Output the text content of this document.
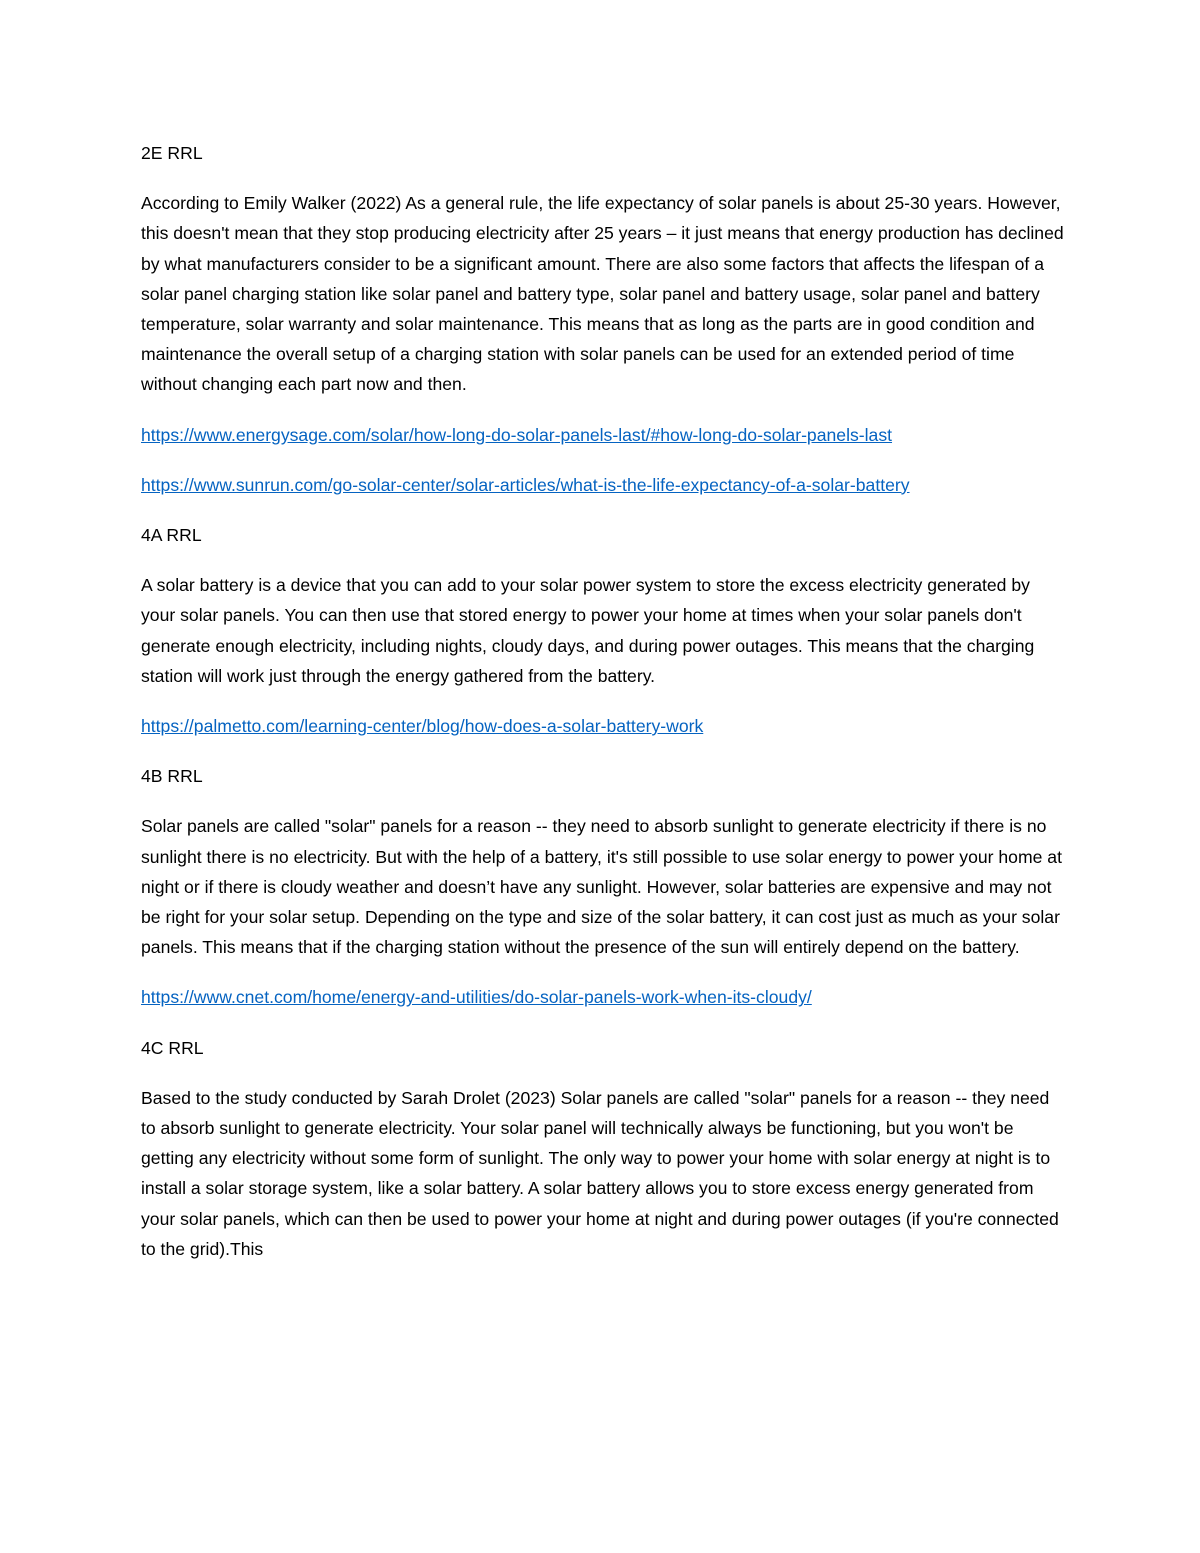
2E RRL
According to Emily Walker (2022) As a general rule, the life expectancy of solar panels is about 25-30 years. However, this doesn't mean that they stop producing electricity after 25 years – it just means that energy production has declined by what manufacturers consider to be a significant amount. There are also some factors that affects the lifespan of a solar panel charging station like solar panel and battery type, solar panel and battery usage, solar panel and battery temperature, solar warranty and solar maintenance. This means that as long as the parts are in good condition and maintenance the overall setup of a charging station with solar panels can be used for an extended period of time without changing each part now and then.
https://www.energysage.com/solar/how-long-do-solar-panels-last/#how-long-do-solar-panels-last
https://www.sunrun.com/go-solar-center/solar-articles/what-is-the-life-expectancy-of-a-solar-battery
4A RRL
A solar battery is a device that you can add to your solar power system to store the excess electricity generated by your solar panels. You can then use that stored energy to power your home at times when your solar panels don't generate enough electricity, including nights, cloudy days, and during power outages. This means that the charging station will work just through the energy gathered from the battery.
https://palmetto.com/learning-center/blog/how-does-a-solar-battery-work
4B RRL
Solar panels are called "solar" panels for a reason -- they need to absorb sunlight to generate electricity if there is no sunlight there is no electricity. But with the help of a battery, it's still possible to use solar energy to power your home at night or if there is cloudy weather and doesn’t have any sunlight. However, solar batteries are expensive and may not be right for your solar setup. Depending on the type and size of the solar battery, it can cost just as much as your solar panels. This means that if the charging station without the presence of the sun will entirely depend on the battery.
https://www.cnet.com/home/energy-and-utilities/do-solar-panels-work-when-its-cloudy/
4C RRL
Based to the study conducted by Sarah Drolet (2023) Solar panels are called "solar" panels for a reason -- they need to absorb sunlight to generate electricity. Your solar panel will technically always be functioning, but you won't be getting any electricity without some form of sunlight. The only way to power your home with solar energy at night is to install a solar storage system, like a solar battery. A solar battery allows you to store excess energy generated from your solar panels, which can then be used to power your home at night and during power outages (if you're connected to the grid).This
